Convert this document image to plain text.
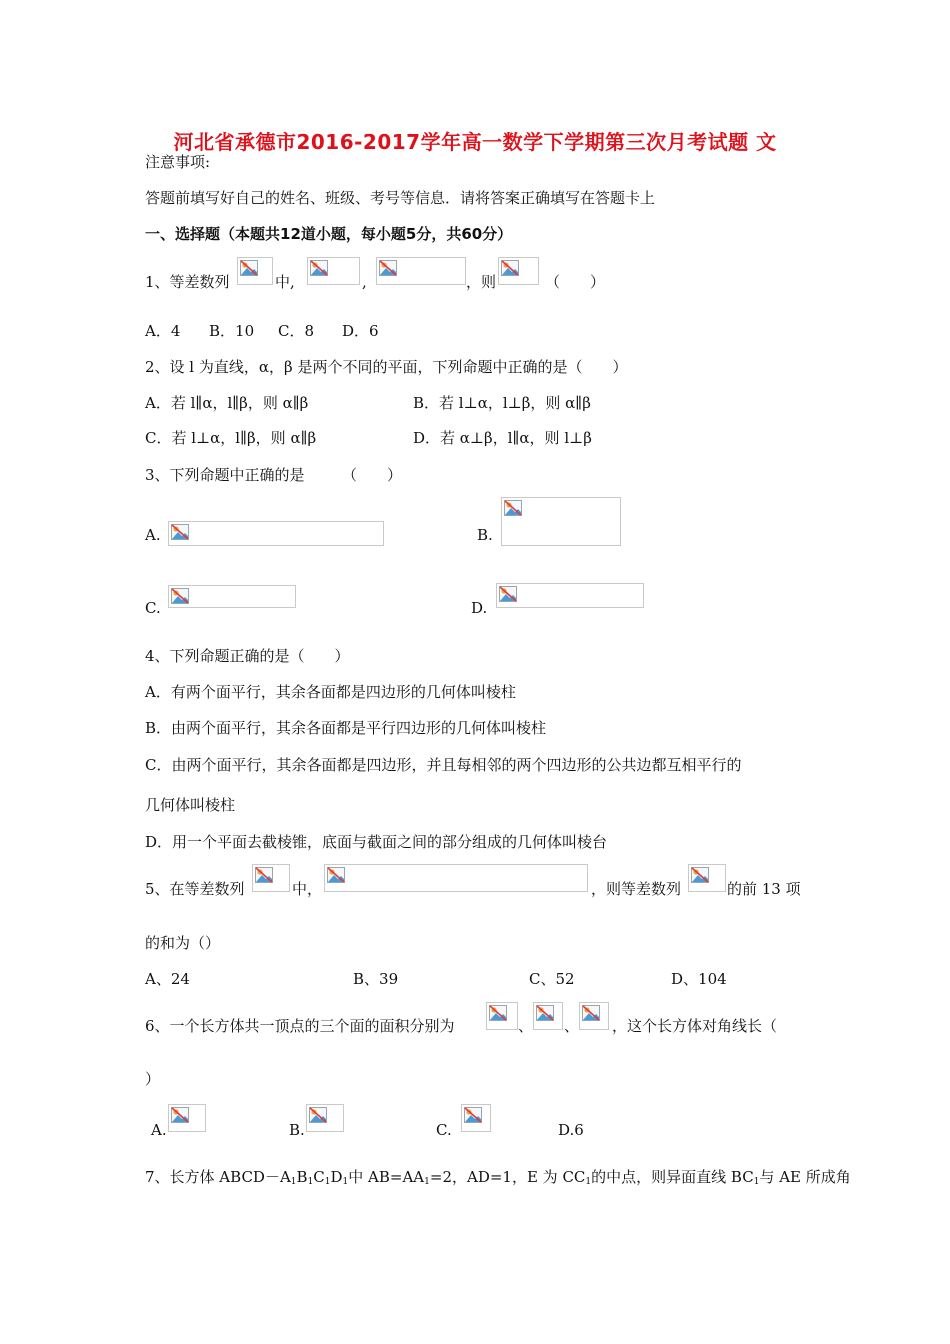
河北省承德市2016-2017学年高一数学下学期第三次月考试题 文
注意事项:
答题前填写好自己的姓名、班级、考号等信息．请将答案正确填写在答题卡上
一、选择题（本题共12道小题，每小题5分，共60分）
1、等差数列	中,	,	，则	（　　）
A．4 B．10 C．8 D．6
2、设 l 为直线，α，β 是两个不同的平面，下列命题中正确的是（　　）
A．若 l∥α，l∥β，则 α∥β	B．若 l⊥α，l⊥β，则 α∥β
C．若 l⊥α，l∥β，则 α∥β	D．若 α⊥β，l∥α，则 l⊥β
3、下列命题中正确的是　　　（　　）
A.	B.
C.	D.
4、下列命题正确的是（　　）
A．有两个面平行，其余各面都是四边形的几何体叫棱柱
B．由两个面平行，其余各面都是平行四边形的几何体叫棱柱
C．由两个面平行，其余各面都是四边形，并且每相邻的两个四边形的公共边都互相平行的
几何体叫棱柱
D．用一个平面去截棱锥，底面与截面之间的部分组成的几何体叫棱台
5、在等差数列	中，	，则等差数列	的前 13 项
的和为（）
A、24	B、39	C、52	D、104
6、一个长方体共一顶点的三个面的面积分别为	、 、 ，这个长方体对角线长（
）
A.	B.	C.	D.6
7、长方体 $ABCD-A_1B_1C_1D_1$中 $AB=AA_1=2$，AD=1，E 为 $CC_1$的中点，则异面直线 $BC_1$与 AE 所成角
